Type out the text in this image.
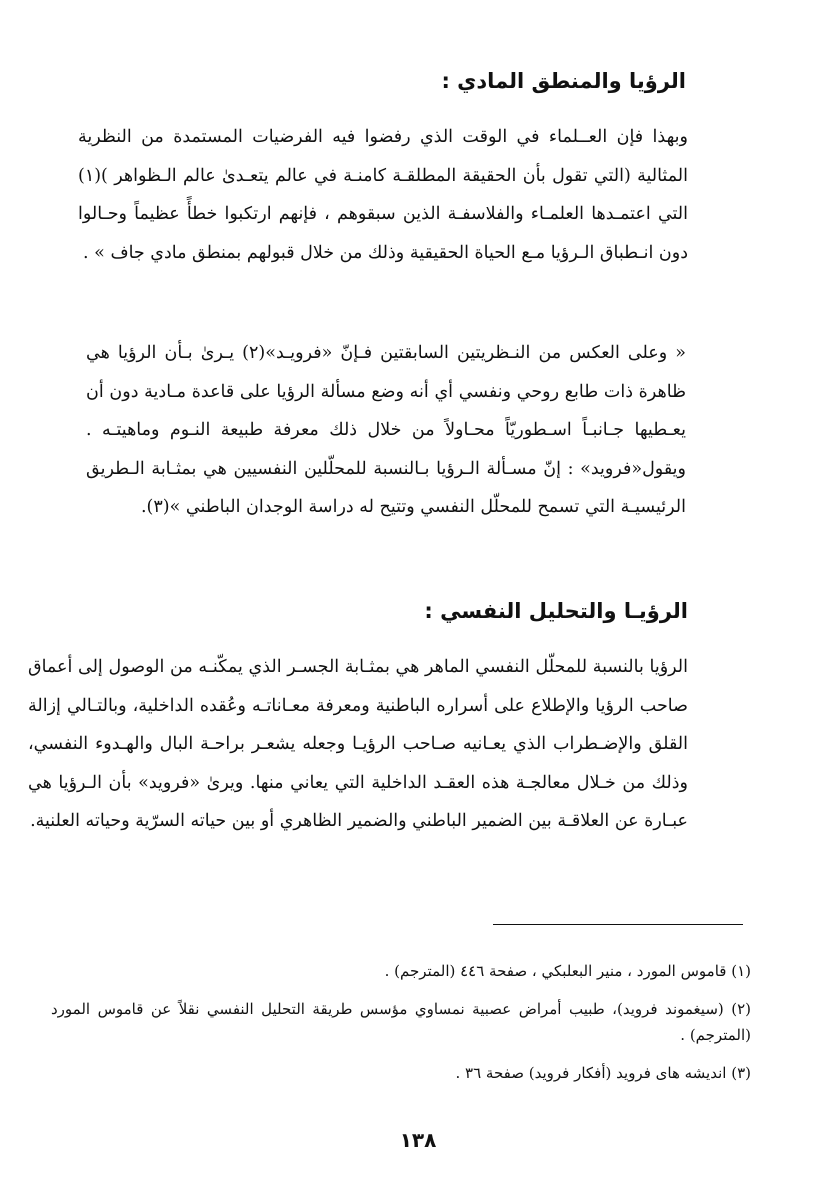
الرؤيا والمنطق المادي :
وبهذا فإن العــلماء في الوقت الذي رفضوا فيه الفرضيات المستمدة من النظرية المثالية (التي تقول بأن الحقيقة المطلقـة كامنـة في عالم يتعـدىٰ عالم الـظواهر )(١) التي اعتمـدها العلمـاء والفلاسفـة الذين سبقوهم ، فإنهم ارتكبوا خطأً عظيماً وحـالوا دون انـطباق الـرؤيا مـع الحياة الحقيقية وذلك من خلال قبولهم بمنطق مادي جاف » .
« وعلى العكس من النـظريتين السابقتين فـإنّ «فرويـد»(٢) يـرىٰ بـأن الرؤيا هي ظاهرة ذات طابع روحي ونفسي أي أنه وضع مسألة الرؤيا على قاعدة مـادية دون أن يعـطيها جـانبـاً اسـطوريّاً محـاولاً من خلال ذلك معرفة طبيعة النـوم وماهيتـه . ويقول«فرويد» : إنّ مسـألة الـرؤيا بـالنسبة للمحلّلين النفسيين هي بمثـابة الـطريق الرئيسيـة التي تسمح للمحلّل النفسي وتتيح له دراسة الوجدان الباطني »(٣).
الرؤيـا والتحليل النفسي :
الرؤيا بالنسبة للمحلّل النفسي الماهر هي بمثـابة الجسـر الذي يمكّنـه من الوصول إلى أعماق صاحب الرؤيا والإطلاع على أسراره الباطنية ومعرفة معـاناتـه وعُقده الداخلية، وبالتـالي إزالة القلق والإضـطراب الذي يعـانيه صـاحب الرؤيـا وجعله يشعـر براحـة البال والهـدوء النفسي، وذلك من خـلال معالجـة هذه العقـد الداخلية التي يعاني منها. ويرىٰ «فرويد» بأن الـرؤيا هي عبـارة عن العلاقـة بين الضمير الباطني والضمير الظاهري أو بين حياته السرّية وحياته العلنية.
(١) قاموس المورد ، منير البعلبكي ، صفحة ٤٤٦ (المترجم) .
(٢) (سيغموند فرويد)، طبيب أمراض عصبية نمساوي مؤسس طريقة التحليل النفسي نقلاً عن قاموس المورد (المترجم) .
(٣) انديشه هاى فرويد (أفكار فرويد) صفحة ٣٦ .
١٣٨
